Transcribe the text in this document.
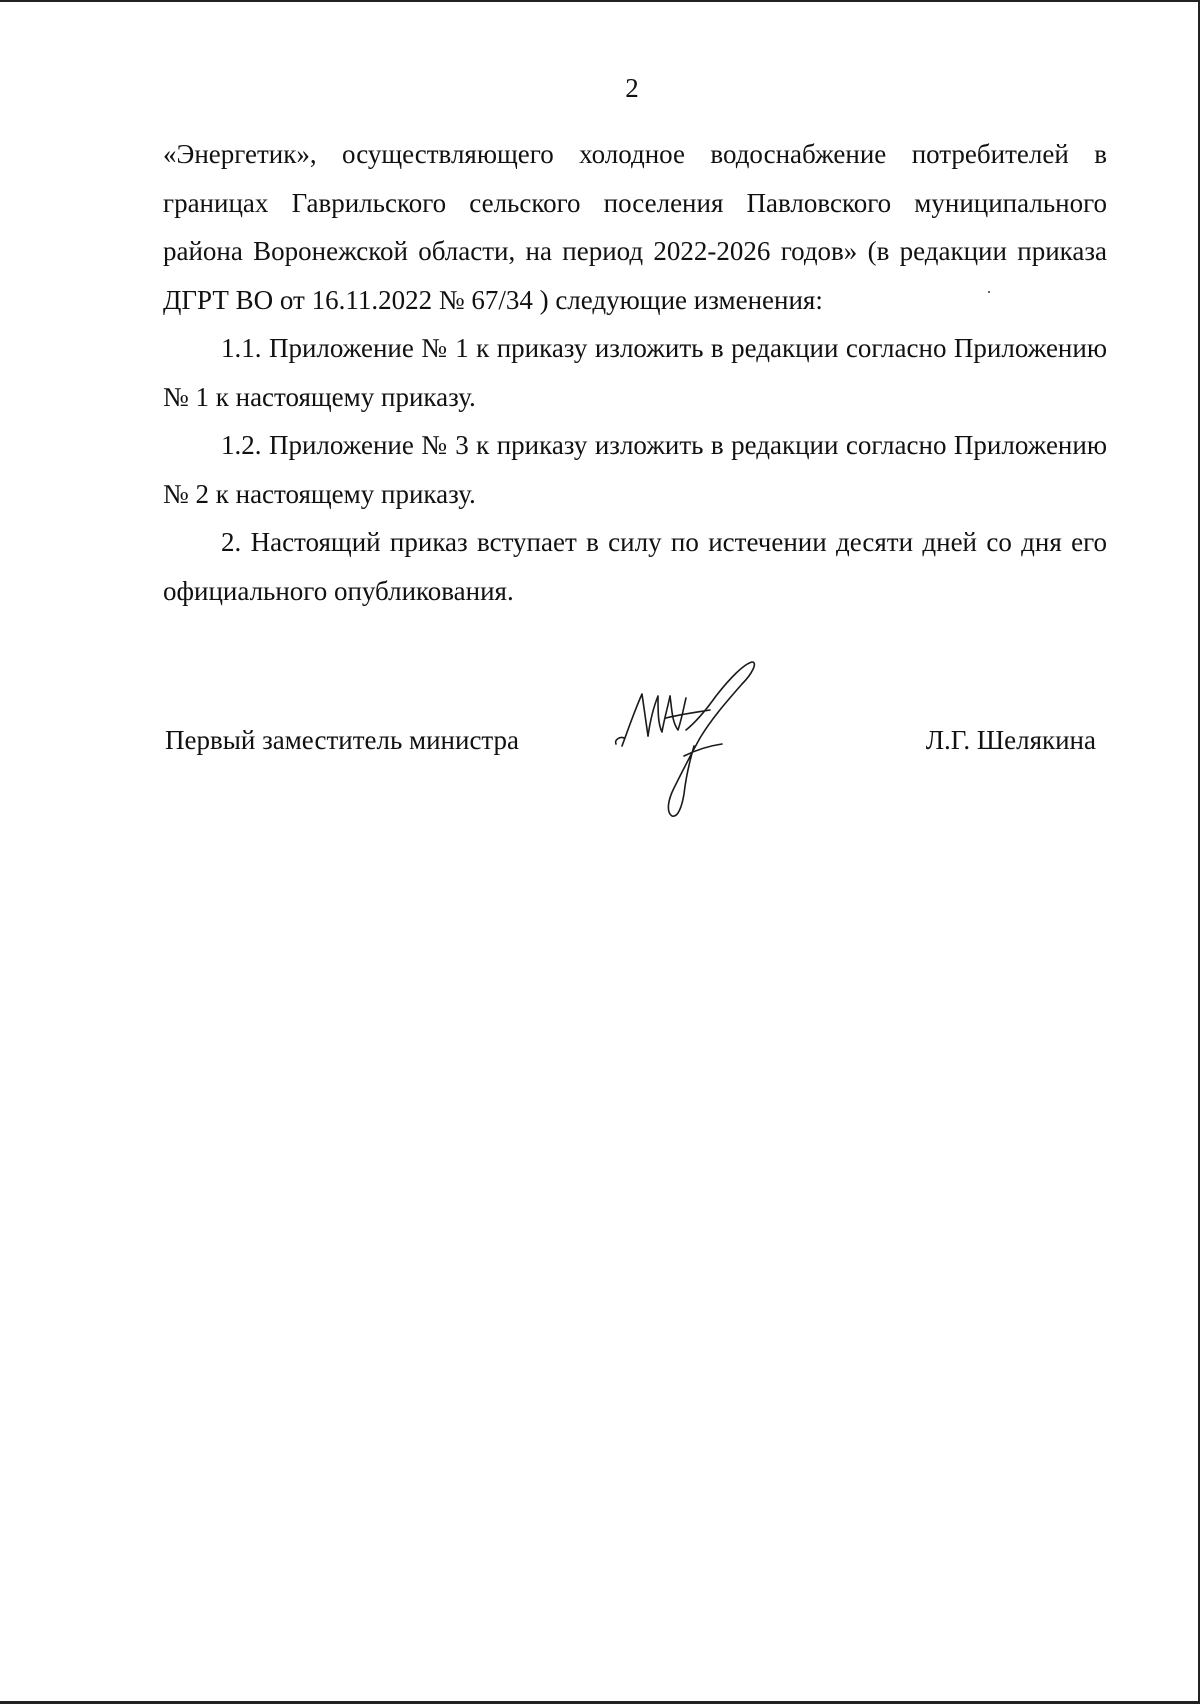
2

«Энергетик», осуществляющего холодное водоснабжение потребителей в границах Гаврильского сельского поселения Павловского муниципального района Воронежской области, на период 2022-2026 годов» (в редакции приказа ДГРТ ВО от 16.11.2022 № 67/34 ) следующие изменения:

1.1. Приложение № 1 к приказу изложить в редакции согласно Приложению № 1 к настоящему приказу.

1.2. Приложение № 3 к приказу изложить в редакции согласно Приложению № 2 к настоящему приказу.

2. Настоящий приказ вступает в силу по истечении десяти дней со дня его официального опубликования.

Первый заместитель министра	Л.Г. Шелякина
